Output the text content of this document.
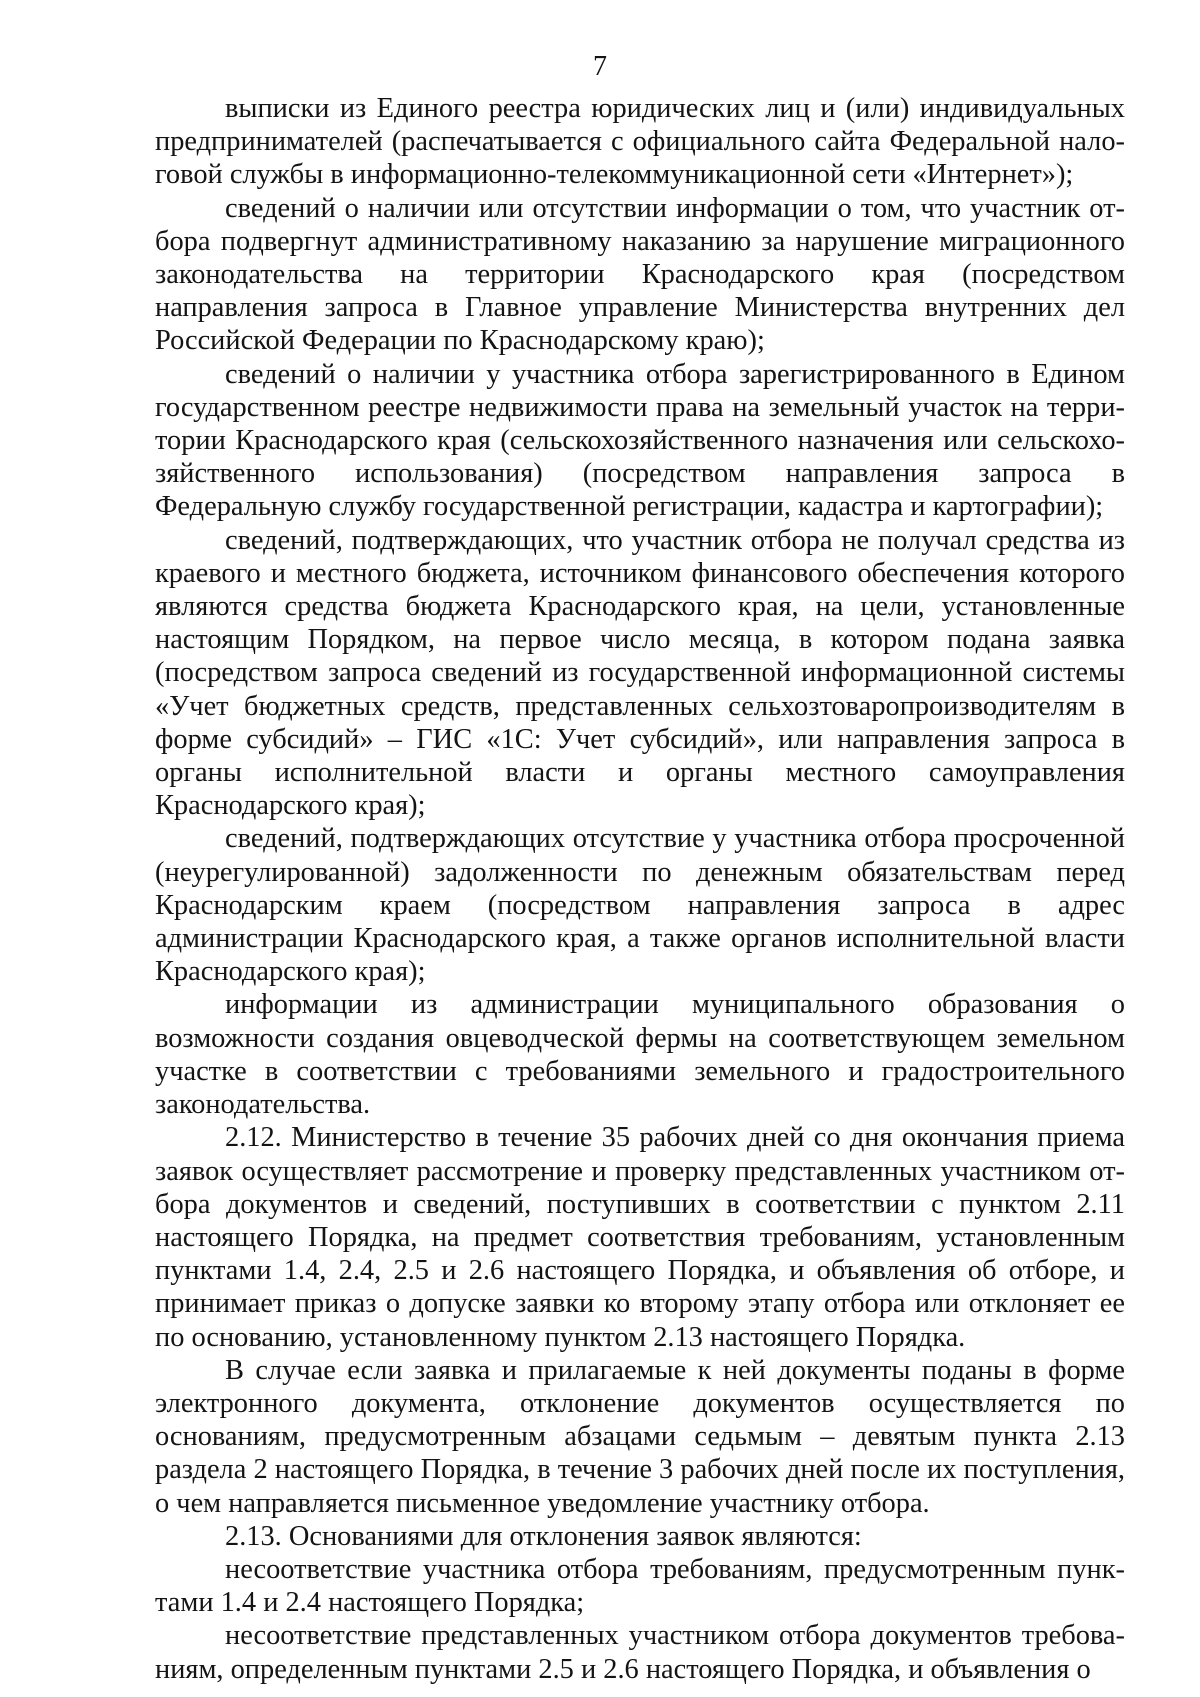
7

выписки из Единого реестра юридических лиц и (или) индивидуальных предпринимателей (распечатывается с официального сайта Федеральной налоговой службы в информационно-телекоммуникационной сети «Интернет»);

сведений о наличии или отсутствии информации о том, что участник отбора подвергнут административному наказанию за нарушение миграционного законодательства на территории Краснодарского края (посредством направления запроса в Главное управление Министерства внутренних дел Российской Федерации по Краснодарскому краю);

сведений о наличии у участника отбора зарегистрированного в Едином государственном реестре недвижимости права на земельный участок на территории Краснодарского края (сельскохозяйственного назначения или сельскохозяйственного использования) (посредством направления запроса в Федеральную службу государственной регистрации, кадастра и картографии);

сведений, подтверждающих, что участник отбора не получал средства из краевого и местного бюджета, источником финансового обеспечения которого являются средства бюджета Краснодарского края, на цели, установленные настоящим Порядком, на первое число месяца, в котором подана заявка (посредством запроса сведений из государственной информационной системы «Учет бюджетных средств, представленных сельхозтоваропроизводителям в форме субсидий» – ГИС «1С: Учет субсидий», или направления запроса в органы исполнительной власти и органы местного самоуправления Краснодарского края);

сведений, подтверждающих отсутствие у участника отбора просроченной (неурегулированной) задолженности по денежным обязательствам перед Краснодарским краем (посредством направления запроса в адрес администрации Краснодарского края, а также органов исполнительной власти Краснодарского края);

информации из администрации муниципального образования о возможности создания овцеводческой фермы на соответствующем земельном участке в соответствии с требованиями земельного и градостроительного законодательства.

2.12. Министерство в течение 35 рабочих дней со дня окончания приема заявок осуществляет рассмотрение и проверку представленных участником отбора документов и сведений, поступивших в соответствии с пунктом 2.11 настоящего Порядка, на предмет соответствия требованиям, установленным пунктами 1.4, 2.4, 2.5 и 2.6 настоящего Порядка, и объявления об отборе, и принимает приказ о допуске заявки ко второму этапу отбора или отклоняет ее по основанию, установленному пунктом 2.13 настоящего Порядка.

В случае если заявка и прилагаемые к ней документы поданы в форме электронного документа, отклонение документов осуществляется по основаниям, предусмотренным абзацами седьмым – девятым пункта 2.13 раздела 2 настоящего Порядка, в течение 3 рабочих дней после их поступления, о чем направляется письменное уведомление участнику отбора.

2.13. Основаниями для отклонения заявок являются:

несоответствие участника отбора требованиям, предусмотренным пунктами 1.4 и 2.4 настоящего Порядка;

несоответствие представленных участником отбора документов требованиям, определенным пунктами 2.5 и 2.6 настоящего Порядка, и объявления о
